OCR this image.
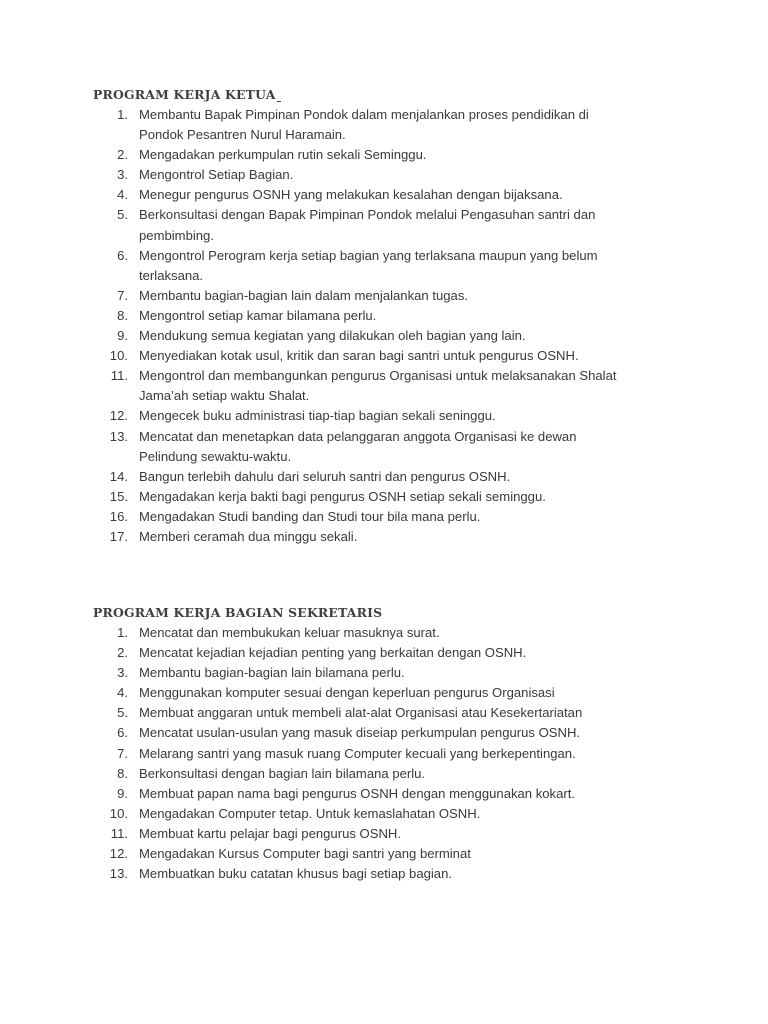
PROGRAM KERJA KETUA
1. Membantu Bapak Pimpinan Pondok dalam menjalankan proses pendidikan di
Pondok Pesantren Nurul Haramain.
2. Mengadakan perkumpulan rutin sekali Seminggu.
3. Mengontrol Setiap Bagian.
4. Menegur pengurus OSNH yang melakukan kesalahan dengan bijaksana.
5. Berkonsultasi dengan Bapak Pimpinan Pondok melalui Pengasuhan santri dan
pembimbing.
6. Mengontrol Perogram kerja setiap bagian yang terlaksana maupun yang belum
terlaksana.
7. Membantu bagian-bagian lain dalam menjalankan tugas.
8. Mengontrol setiap kamar bilamana perlu.
9. Mendukung semua kegiatan yang dilakukan oleh bagian yang lain.
10. Menyediakan kotak usul, kritik dan saran bagi santri untuk pengurus OSNH.
11. Mengontrol dan membangunkan pengurus Organisasi untuk melaksanakan Shalat
Jama’ah setiap waktu Shalat.
12. Mengecek buku administrasi tiap-tiap bagian sekali seninggu.
13. Mencatat dan menetapkan data pelanggaran anggota Organisasi ke dewan
Pelindung sewaktu-waktu.
14. Bangun terlebih dahulu dari seluruh santri dan pengurus OSNH.
15. Mengadakan kerja bakti bagi pengurus OSNH setiap sekali seminggu.
16. Mengadakan Studi banding dan Studi tour bila mana perlu.
17. Memberi ceramah dua minggu sekali.
PROGRAM KERJA BAGIAN SEKRETARIS
1. Mencatat dan membukukan keluar masuknya surat.
2. Mencatat kejadian kejadian penting yang berkaitan dengan OSNH.
3. Membantu bagian-bagian lain bilamana perlu.
4. Menggunakan komputer sesuai dengan keperluan pengurus Organisasi
5. Membuat anggaran untuk membeli alat-alat Organisasi atau Kesekertariatan
6. Mencatat usulan-usulan yang masuk diseiap perkumpulan pengurus OSNH.
7. Melarang santri yang masuk ruang Computer kecuali yang berkepentingan.
8. Berkonsultasi dengan bagian lain bilamana perlu.
9. Membuat papan nama bagi pengurus OSNH dengan menggunakan kokart.
10. Mengadakan Computer tetap. Untuk kemaslahatan OSNH.
11. Membuat kartu pelajar bagi pengurus OSNH.
12. Mengadakan Kursus Computer bagi santri yang berminat
13. Membuatkan buku catatan khusus bagi setiap bagian.
